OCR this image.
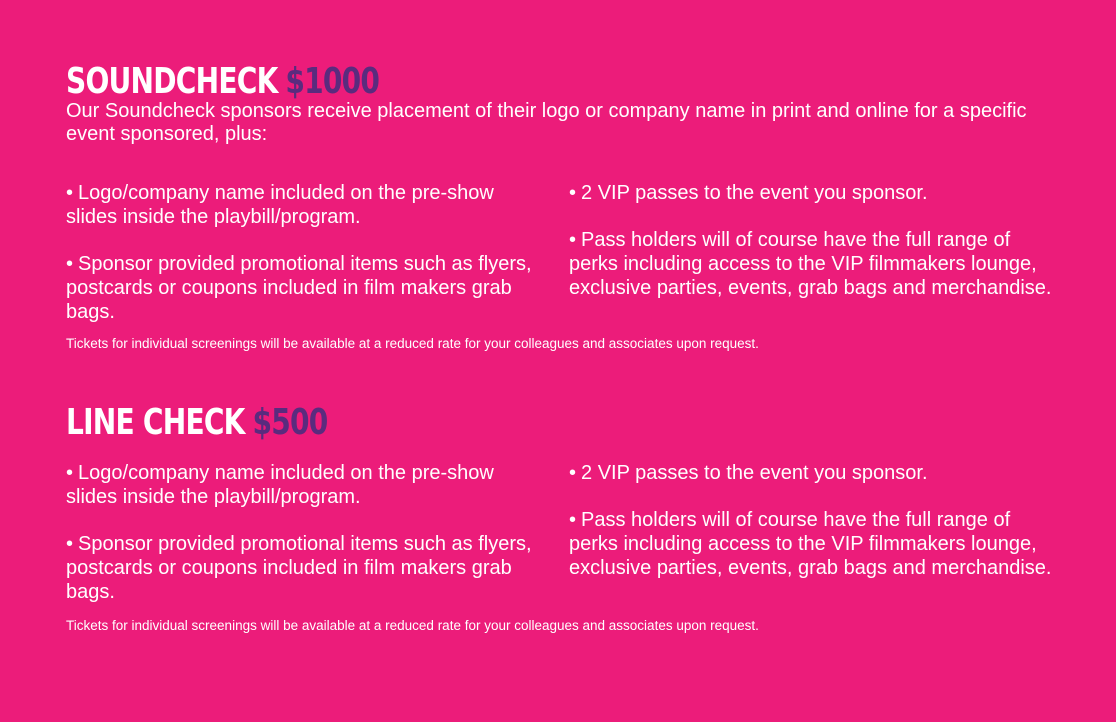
SOUNDCHECK $1000
Our Soundcheck sponsors receive placement of their logo or company name in print and online for a specific event sponsored, plus:
• Logo/company name included on the pre-show slides inside the playbill/program.
• Sponsor provided promotional items such as flyers, postcards or coupons included in film makers grab bags.
• 2 VIP passes to the event you sponsor.
• Pass holders will of course have the full range of perks including access to the VIP filmmakers lounge, exclusive parties, events, grab bags and merchandise.
Tickets for individual screenings will be available at a reduced rate for your colleagues and associates upon request.
LINE CHECK $500
• Logo/company name included on the pre-show slides inside the playbill/program.
• Sponsor provided promotional items such as flyers, postcards or coupons included in film makers grab bags.
• 2 VIP passes to the event you sponsor.
• Pass holders will of course have the full range of perks including access to the VIP filmmakers lounge, exclusive parties, events, grab bags and merchandise.
Tickets for individual screenings will be available at a reduced rate for your colleagues and associates upon request.
